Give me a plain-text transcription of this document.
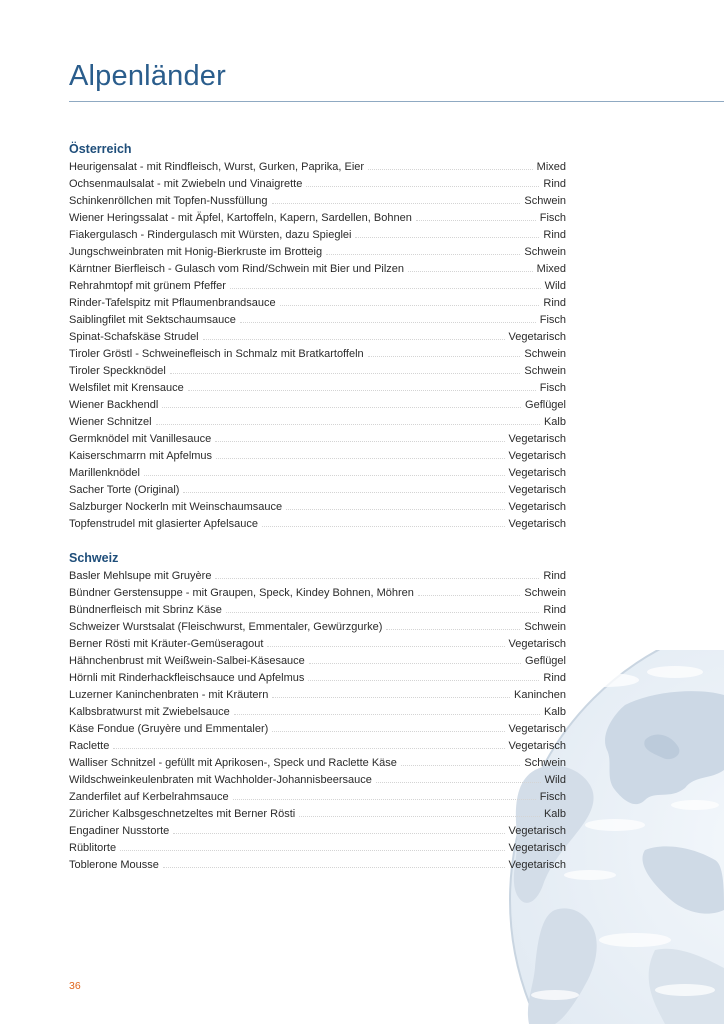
Alpenländer
Österreich
Heurigensalat - mit Rindfleisch, Wurst, Gurken, Paprika, Eier	Mixed
Ochsenmaulsalat - mit Zwiebeln und Vinaigrette	Rind
Schinkenröllchen mit Topfen-Nussfüllung	Schwein
Wiener Heringssalat - mit Äpfel, Kartoffeln, Kapern, Sardellen, Bohnen	Fisch
Fiakergulasch - Rindergulasch mit Würsten, dazu Spieglei	Rind
Jungschweinbraten mit Honig-Bierkruste im Brotteig	Schwein
Kärntner Bierfleisch - Gulasch vom Rind/Schwein mit Bier und Pilzen	Mixed
Rehrahmtopf mit grünem Pfeffer	Wild
Rinder-Tafelspitz mit Pflaumenbrandsauce	Rind
Saiblingfilet mit Sektschaumsauce	Fisch
Spinat-Schafskäse Strudel	Vegetarisch
Tiroler Gröstl - Schweinefleisch in Schmalz mit Bratkartoffeln	Schwein
Tiroler Speckknödel	Schwein
Welsfilet mit Krensauce	Fisch
Wiener Backhendl	Geflügel
Wiener Schnitzel	Kalb
Germknödel mit Vanillesauce	Vegetarisch
Kaiserschmarrn mit Apfelmus	Vegetarisch
Marillenknödel	Vegetarisch
Sacher Torte (Original)	Vegetarisch
Salzburger Nockerln mit Weinschaumsauce	Vegetarisch
Topfenstrudel mit glasierter Apfelsauce	Vegetarisch
Schweiz
Basler Mehlsupe mit Gruyère	Rind
Bündner Gerstensuppe - mit Graupen, Speck, Kindey Bohnen, Möhren	Schwein
Bündnerfleisch mit Sbrinz Käse	Rind
Schweizer Wurstsalat (Fleischwurst, Emmentaler, Gewürzgurke)	Schwein
Berner Rösti mit Kräuter-Gemüseragout	Vegetarisch
Hähnchenbrust mit Weißwein-Salbei-Käsesauce	Geflügel
Hörnli mit Rinderhackfleischsauce und Apfelmus	Rind
Luzerner Kaninchenbraten - mit Kräutern	Kaninchen
Kalbsbratwurst mit Zwiebelsauce	Kalb
Käse Fondue (Gruyère und Emmentaler)	Vegetarisch
Raclette	Vegetarisch
Walliser Schnitzel - gefüllt mit Aprikosen-, Speck und Raclette Käse	Schwein
Wildschweinkeulenbraten mit Wachholder-Johannisbeersauce	Wild
Zanderfilet auf Kerbelrahmsauce	Fisch
Züricher Kalbsgeschnetzeltes mit Berner Rösti	Kalb
Engadiner Nusstorte	Vegetarisch
Rüblitorte	Vegetarisch
Toblerone Mousse	Vegetarisch
36
